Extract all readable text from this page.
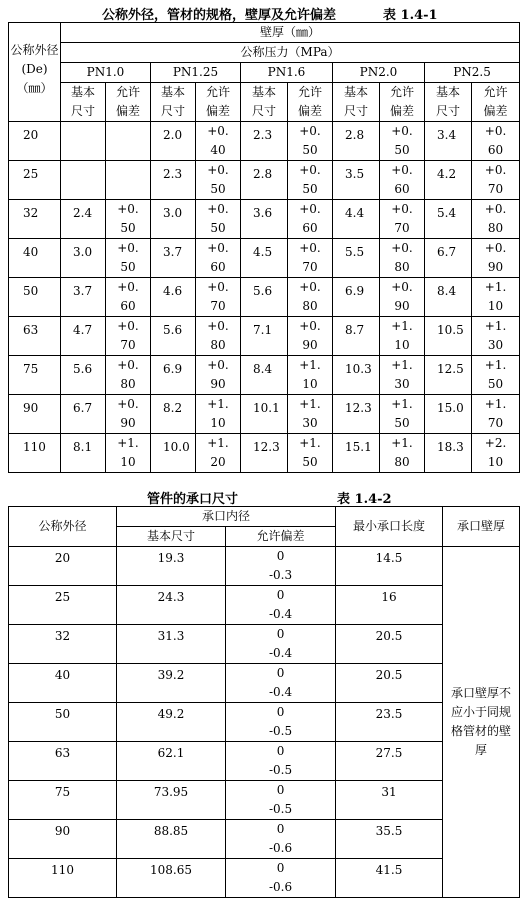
公称外径，管材的规格，壁厚及允许偏差	表 1.4-1
公称外径(De)（㎜）	壁厚（㎜）									
	公称压力（MPa）									
	PN1.0		PN1.25		PN1.6		PN2.0		PN2.5	
	基本尺寸	允许偏差	基本尺寸	允许偏差	基本尺寸	允许偏差	基本尺寸	允许偏差	基本尺寸	允许偏差
20			2.0	+0.40	2.3	+0.50	2.8	+0.50	3.4	+0.60
25			2.3	+0.50	2.8	+0.50	3.5	+0.60	4.2	+0.70
32	2.4	+0.50	3.0	+0.50	3.6	+0.60	4.4	+0.70	5.4	+0.80
40	3.0	+0.50	3.7	+0.60	4.5	+0.70	5.5	+0.80	6.7	+0.90
50	3.7	+0.60	4.6	+0.70	5.6	+0.80	6.9	+0.90	8.4	+1.10
63	4.7	+0.70	5.6	+0.80	7.1	+0.90	8.7	+1.10	10.5	+1.30
75	5.6	+0.80	6.9	+0.90	8.4	+1.10	10.3	+1.30	12.5	+1.50
90	6.7	+0.90	8.2	+1.10	10.1	+1.30	12.3	+1.50	15.0	+1.70
110	8.1	+1.10	10.0	+1.20	12.3	+1.50	15.1	+1.80	18.3	+2.10
管件的承口尺寸	表 1.4-2
公称外径	承口内径		最小承口长度	承口壁厚
	基本尺寸	允许偏差		
20	19.3	0
-0.3	14.5	承口壁厚不应小于同规格管材的壁厚
25	24.3	0
-0.4	16	
32	31.3	0
-0.4	20.5	
40	39.2	0
-0.4	20.5	
50	49.2	0
-0.5	23.5	
63	62.1	0
-0.5	27.5	
75	73.95	0
-0.5	31	
90	88.85	0
-0.6	35.5	
110	108.65	0
-0.6	41.5	
